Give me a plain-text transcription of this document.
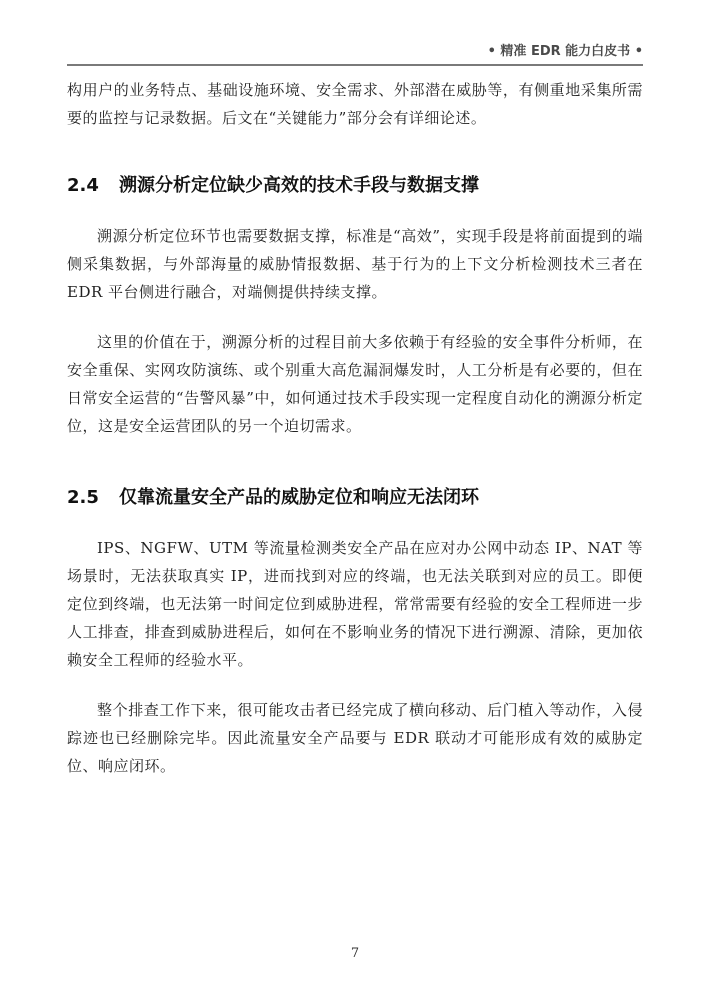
• 精准 EDR 能力白皮书 •

构用户的业务特点、基础设施环境、安全需求、外部潜在威胁等，有侧重地采集所需要的监控与记录数据。后文在“关键能力”部分会有详细论述。

2.4	溯源分析定位缺少高效的技术手段与数据支撑

溯源分析定位环节也需要数据支撑，标准是“高效”，实现手段是将前面提到的端侧采集数据，与外部海量的威胁情报数据、基于行为的上下文分析检测技术三者在 EDR 平台侧进行融合，对端侧提供持续支撑。

这里的价值在于，溯源分析的过程目前大多依赖于有经验的安全事件分析师，在安全重保、实网攻防演练、或个别重大高危漏洞爆发时，人工分析是有必要的，但在日常安全运营的“告警风暴”中，如何通过技术手段实现一定程度自动化的溯源分析定位，这是安全运营团队的另一个迫切需求。

2.5	仅靠流量安全产品的威胁定位和响应无法闭环

IPS、NGFW、UTM 等流量检测类安全产品在应对办公网中动态 IP、NAT 等场景时，无法获取真实 IP，进而找到对应的终端，也无法关联到对应的员工。即便定位到终端，也无法第一时间定位到威胁进程，常常需要有经验的安全工程师进一步人工排查，排查到威胁进程后，如何在不影响业务的情况下进行溯源、清除，更加依赖安全工程师的经验水平。

整个排查工作下来，很可能攻击者已经完成了横向移动、后门植入等动作，入侵踪迹也已经删除完毕。因此流量安全产品要与 EDR 联动才可能形成有效的威胁定位、响应闭环。

7
